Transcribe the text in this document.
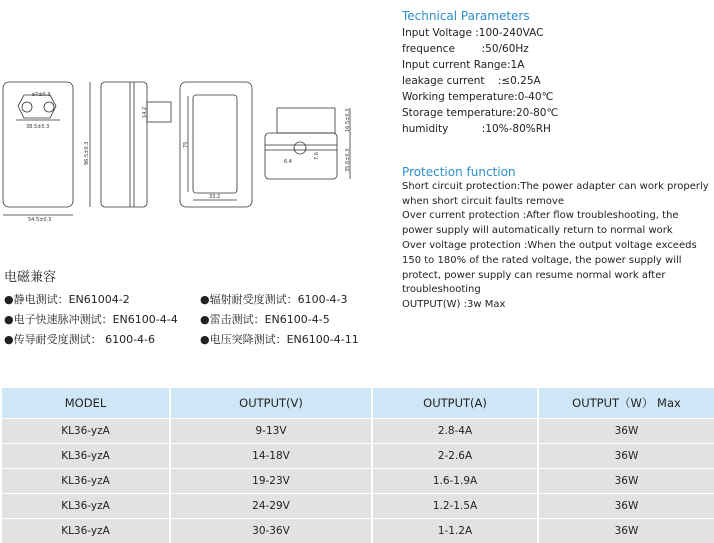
ø7±0.3
38.5±0.3
96.5±0.3
54.5±0.3
14.2
75
33.2
16.5±0.3
35.6±0.3
6.4
7.6
Technical Parameters
Input Voltage :100-240VAC
frequence        :50/60Hz
Input current Range:1A
leakage current    :≤0.25A
Working temperature:0-40℃
Storage temperature:20-80℃
humidity          :10%-80%RH
Protection function
Short circuit protection:The power adapter can work properly when short circuit faults remove
Over current protection :After flow troubleshooting, the power supply will automatically return to normal work
Over voltage protection :When the output voltage exceeds 150 to 180% of the rated voltage, the power supply will protect, power supply can resume normal work after troubleshooting
OUTPUT(W) :3w Max
电磁兼容
●静电测试：EN61004-2	●辐射耐受度测试：6100-4-3
●电子快速脉冲测试：EN6100-4-4	●雷击测试：EN6100-4-5
●传导耐受度测试： 6100-4-6	●电压突降测试：EN6100-4-11
MODEL	OUTPUT(V)	OUTPUT(A)	OUTPUT（W） Max
KL36-yzA	9-13V	2.8-4A	36W
KL36-yzA	14-18V	2-2.6A	36W
KL36-yzA	19-23V	1.6-1.9A	36W
KL36-yzA	24-29V	1.2-1.5A	36W
KL36-yzA	30-36V	1-1.2A	36W
